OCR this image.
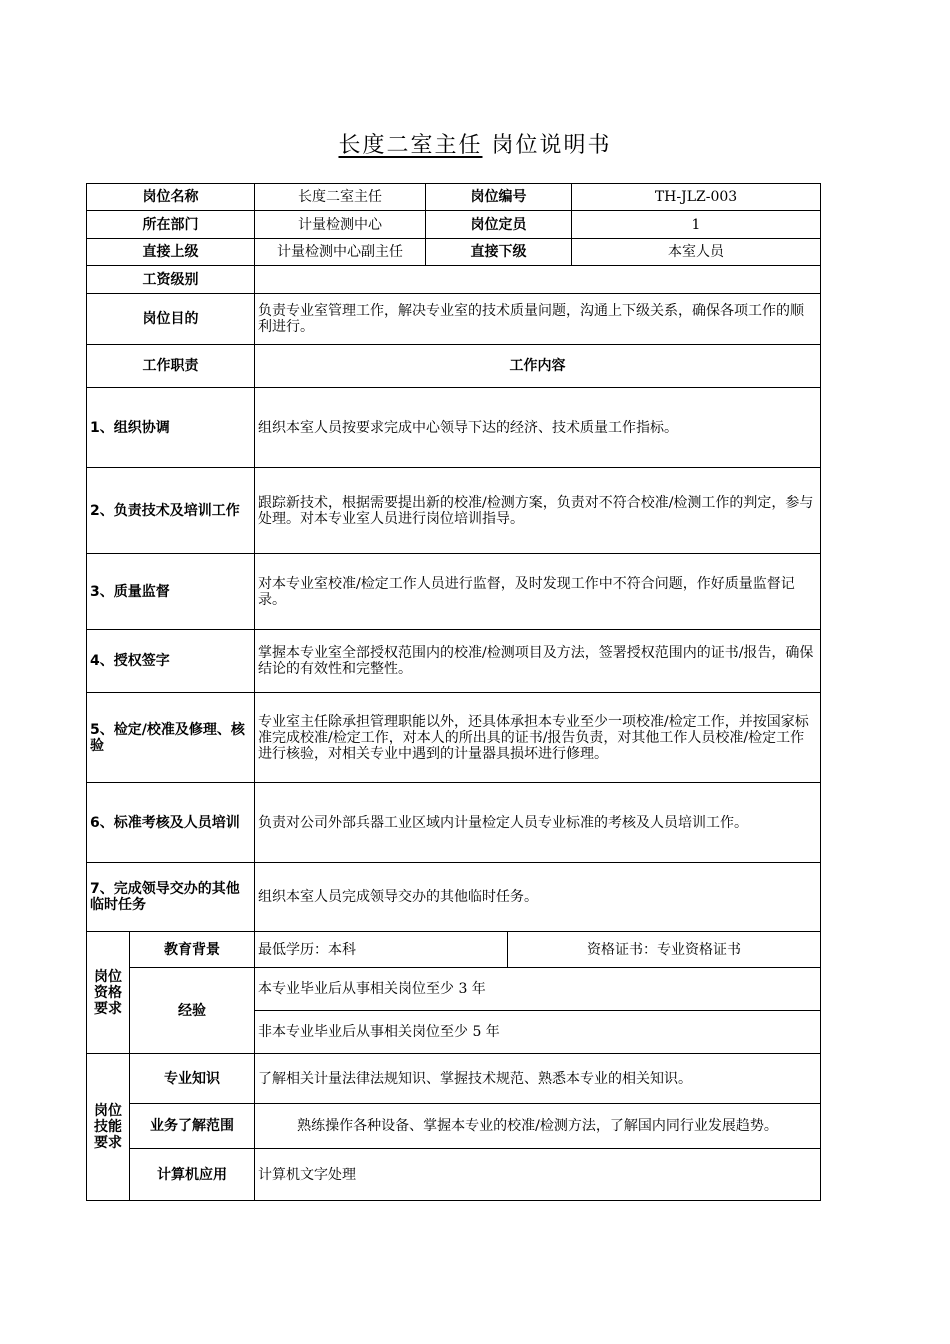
长度二室主任 岗位说明书
岗位名称		长度二室主任	岗位编号		TH-JLZ-003
所在部门		计量检测中心	岗位定员		1
直接上级		计量检测中心副主任	直接下级		本室人员
工资级别					
岗位目的		负责专业室管理工作，解决专业室的技术质量问题，沟通上下级关系，确保各项工作的顺利进行。			
工作职责		工作内容			
1、组织协调		组织本室人员按要求完成中心领导下达的经济、技术质量工作指标。			
2、负责技术及培训工作		跟踪新技术，根据需要提出新的校准/检测方案，负责对不符合校准/检测工作的判定，参与处理。对本专业室人员进行岗位培训指导。			
3、质量监督		对本专业室校准/检定工作人员进行监督，及时发现工作中不符合问题，作好质量监督记录。			
4、授权签字		掌握本专业室全部授权范围内的校准/检测项目及方法，签署授权范围内的证书/报告，确保结论的有效性和完整性。			
5、检定/校准及修理、核验		专业室主任除承担管理职能以外，还具体承担本专业至少一项校准/检定工作，并按国家标准完成校准/检定工作，对本人的所出具的证书/报告负责，对其他工作人员校准/检定工作进行核验，对相关专业中遇到的计量器具损坏进行修理。			
6、标准考核及人员培训		负责对公司外部兵器工业区域内计量检定人员专业标准的考核及人员培训工作。			
7、完成领导交办的其他临时任务		组织本室人员完成领导交办的其他临时任务。			
岗位资格要求	教育背景	最低学历：本科		资格证书：专业资格证书	
	经验	本专业毕业后从事相关岗位至少 3 年			
		非本专业毕业后从事相关岗位至少 5 年			
岗位技能要求	专业知识	了解相关计量法律法规知识、掌握技术规范、熟悉本专业的相关知识。			
	业务了解范围	熟练操作各种设备、掌握本专业的校准/检测方法，了解国内同行业发展趋势。			
	计算机应用	计算机文字处理			
